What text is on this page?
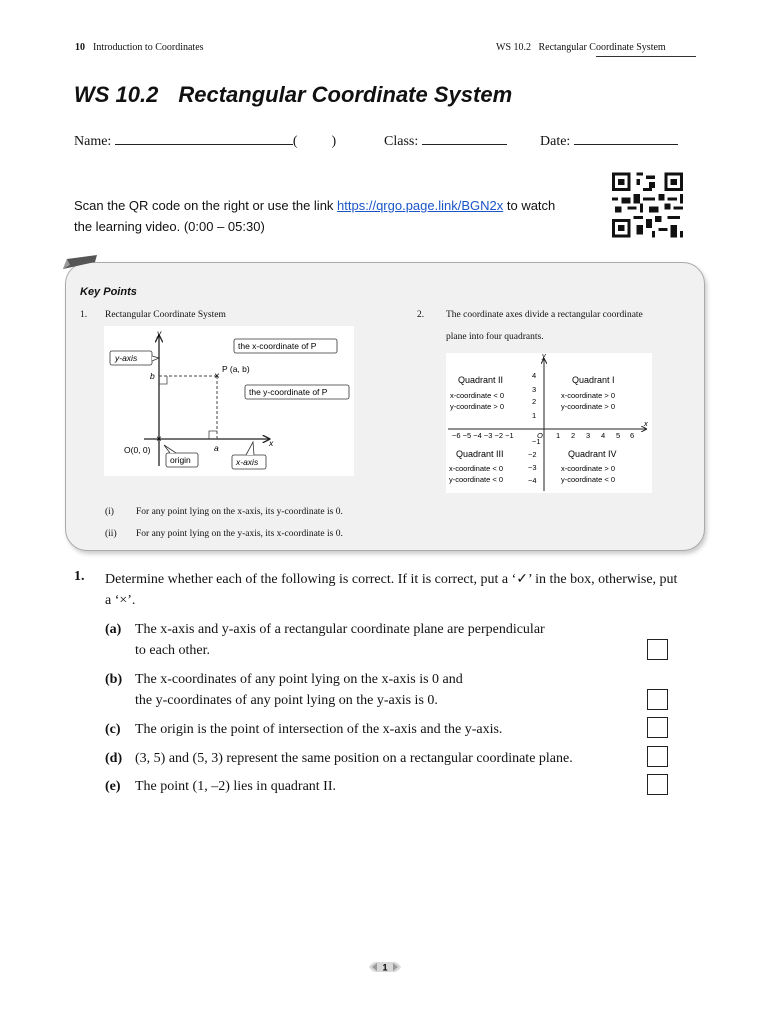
10 Introduction to Coordinates	WS 10.2   Rectangular Coordinate System
WS 10.2 Rectangular Coordinate System
Name:	( )	Class:	Date:
Scan the QR code on the right or use the link https://qrgo.page.link/BGN2x to watch the learning video. (0:00 – 05:30)
Key Points
1. Rectangular Coordinate System	2. The coordinate axes divide a rectangular coordinate
plane into four quadrants.
y
x
×
P (a, b)
b
a
×
O(0, 0)
y-axis
the x-coordinate of P
the y-coordinate of P
origin	x-axis
y
x
O
−6 −5 −4 −3 −2 −1	1 2 3 4 5 6
4
3
2
1
−1
−2
−3
−4
Quadrant II
x-coordinate < 0
y-coordinate > 0
Quadrant I
x-coordinate > 0
y-coordinate > 0
Quadrant III
x-coordinate < 0
y-coordinate < 0
Quadrant IV
x-coordinate > 0
y-coordinate < 0
(i) For any point lying on the x-axis, its y-coordinate is 0.
(ii) For any point lying on the y-axis, its x-coordinate is 0.
1. Determine whether each of the following is correct. If it is correct, put a ‘✓’ in the box, otherwise, put a ‘×’.
(a) The x-axis and y-axis of a rectangular coordinate plane are perpendicular
to each other.
(b) The x-coordinates of any point lying on the x-axis is 0 and
the y-coordinates of any point lying on the y-axis is 0.
(c) The origin is the point of intersection of the x-axis and the y-axis.
(d) (3, 5) and (5, 3) represent the same position on a rectangular coordinate plane.
(e) The point (1, –2) lies in quadrant II.
1
